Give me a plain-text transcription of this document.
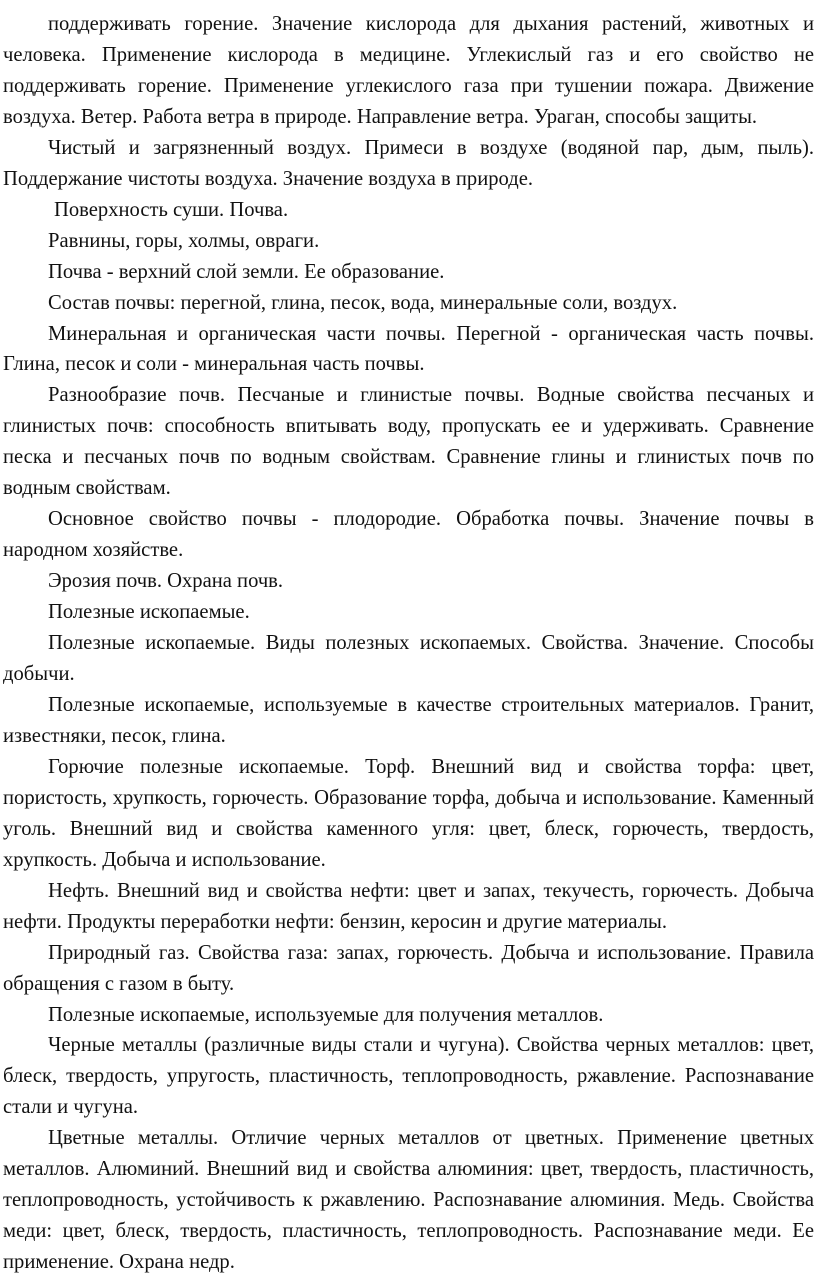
поддерживать горение. Значение кислорода для дыхания растений, животных и человека. Применение кислорода в медицине. Углекислый газ и его свойство не поддерживать горение. Применение углекислого газа при тушении пожара. Движение воздуха. Ветер. Работа ветра в природе. Направление ветра. Ураган, способы защиты.

Чистый и загрязненный воздух. Примеси в воздухе (водяной пар, дым, пыль). Поддержание чистоты воздуха. Значение воздуха в природе.

Поверхность суши. Почва.

Равнины, горы, холмы, овраги.

Почва - верхний слой земли. Ее образование.

Состав почвы: перегной, глина, песок, вода, минеральные соли, воздух.

Минеральная и органическая части почвы. Перегной - органическая часть почвы. Глина, песок и соли - минеральная часть почвы.

Разнообразие почв. Песчаные и глинистые почвы. Водные свойства песчаных и глинистых почв: способность впитывать воду, пропускать ее и удерживать. Сравнение песка и песчаных почв по водным свойствам. Сравнение глины и глинистых почв по водным свойствам.

Основное свойство почвы - плодородие. Обработка почвы. Значение почвы в народном хозяйстве.

Эрозия почв. Охрана почв.

Полезные ископаемые.

Полезные ископаемые. Виды полезных ископаемых. Свойства. Значение. Способы добычи.

Полезные ископаемые, используемые в качестве строительных материалов. Гранит, известняки, песок, глина.

Горючие полезные ископаемые. Торф. Внешний вид и свойства торфа: цвет, пористость, хрупкость, горючесть. Образование торфа, добыча и использование. Каменный уголь. Внешний вид и свойства каменного угля: цвет, блеск, горючесть, твердость, хрупкость. Добыча и использование.

Нефть. Внешний вид и свойства нефти: цвет и запах, текучесть, горючесть. Добыча нефти. Продукты переработки нефти: бензин, керосин и другие материалы.

Природный газ. Свойства газа: запах, горючесть. Добыча и использование. Правила обращения с газом в быту.

Полезные ископаемые, используемые для получения металлов.

Черные металлы (различные виды стали и чугуна). Свойства черных металлов: цвет, блеск, твердость, упругость, пластичность, теплопроводность, ржавление. Распознавание стали и чугуна.

Цветные металлы. Отличие черных металлов от цветных. Применение цветных металлов. Алюминий. Внешний вид и свойства алюминия: цвет, твердость, пластичность, теплопроводность, устойчивость к ржавлению. Распознавание алюминия. Медь. Свойства меди: цвет, блеск, твердость, пластичность, теплопроводность. Распознавание меди. Ее применение. Охрана недр.
